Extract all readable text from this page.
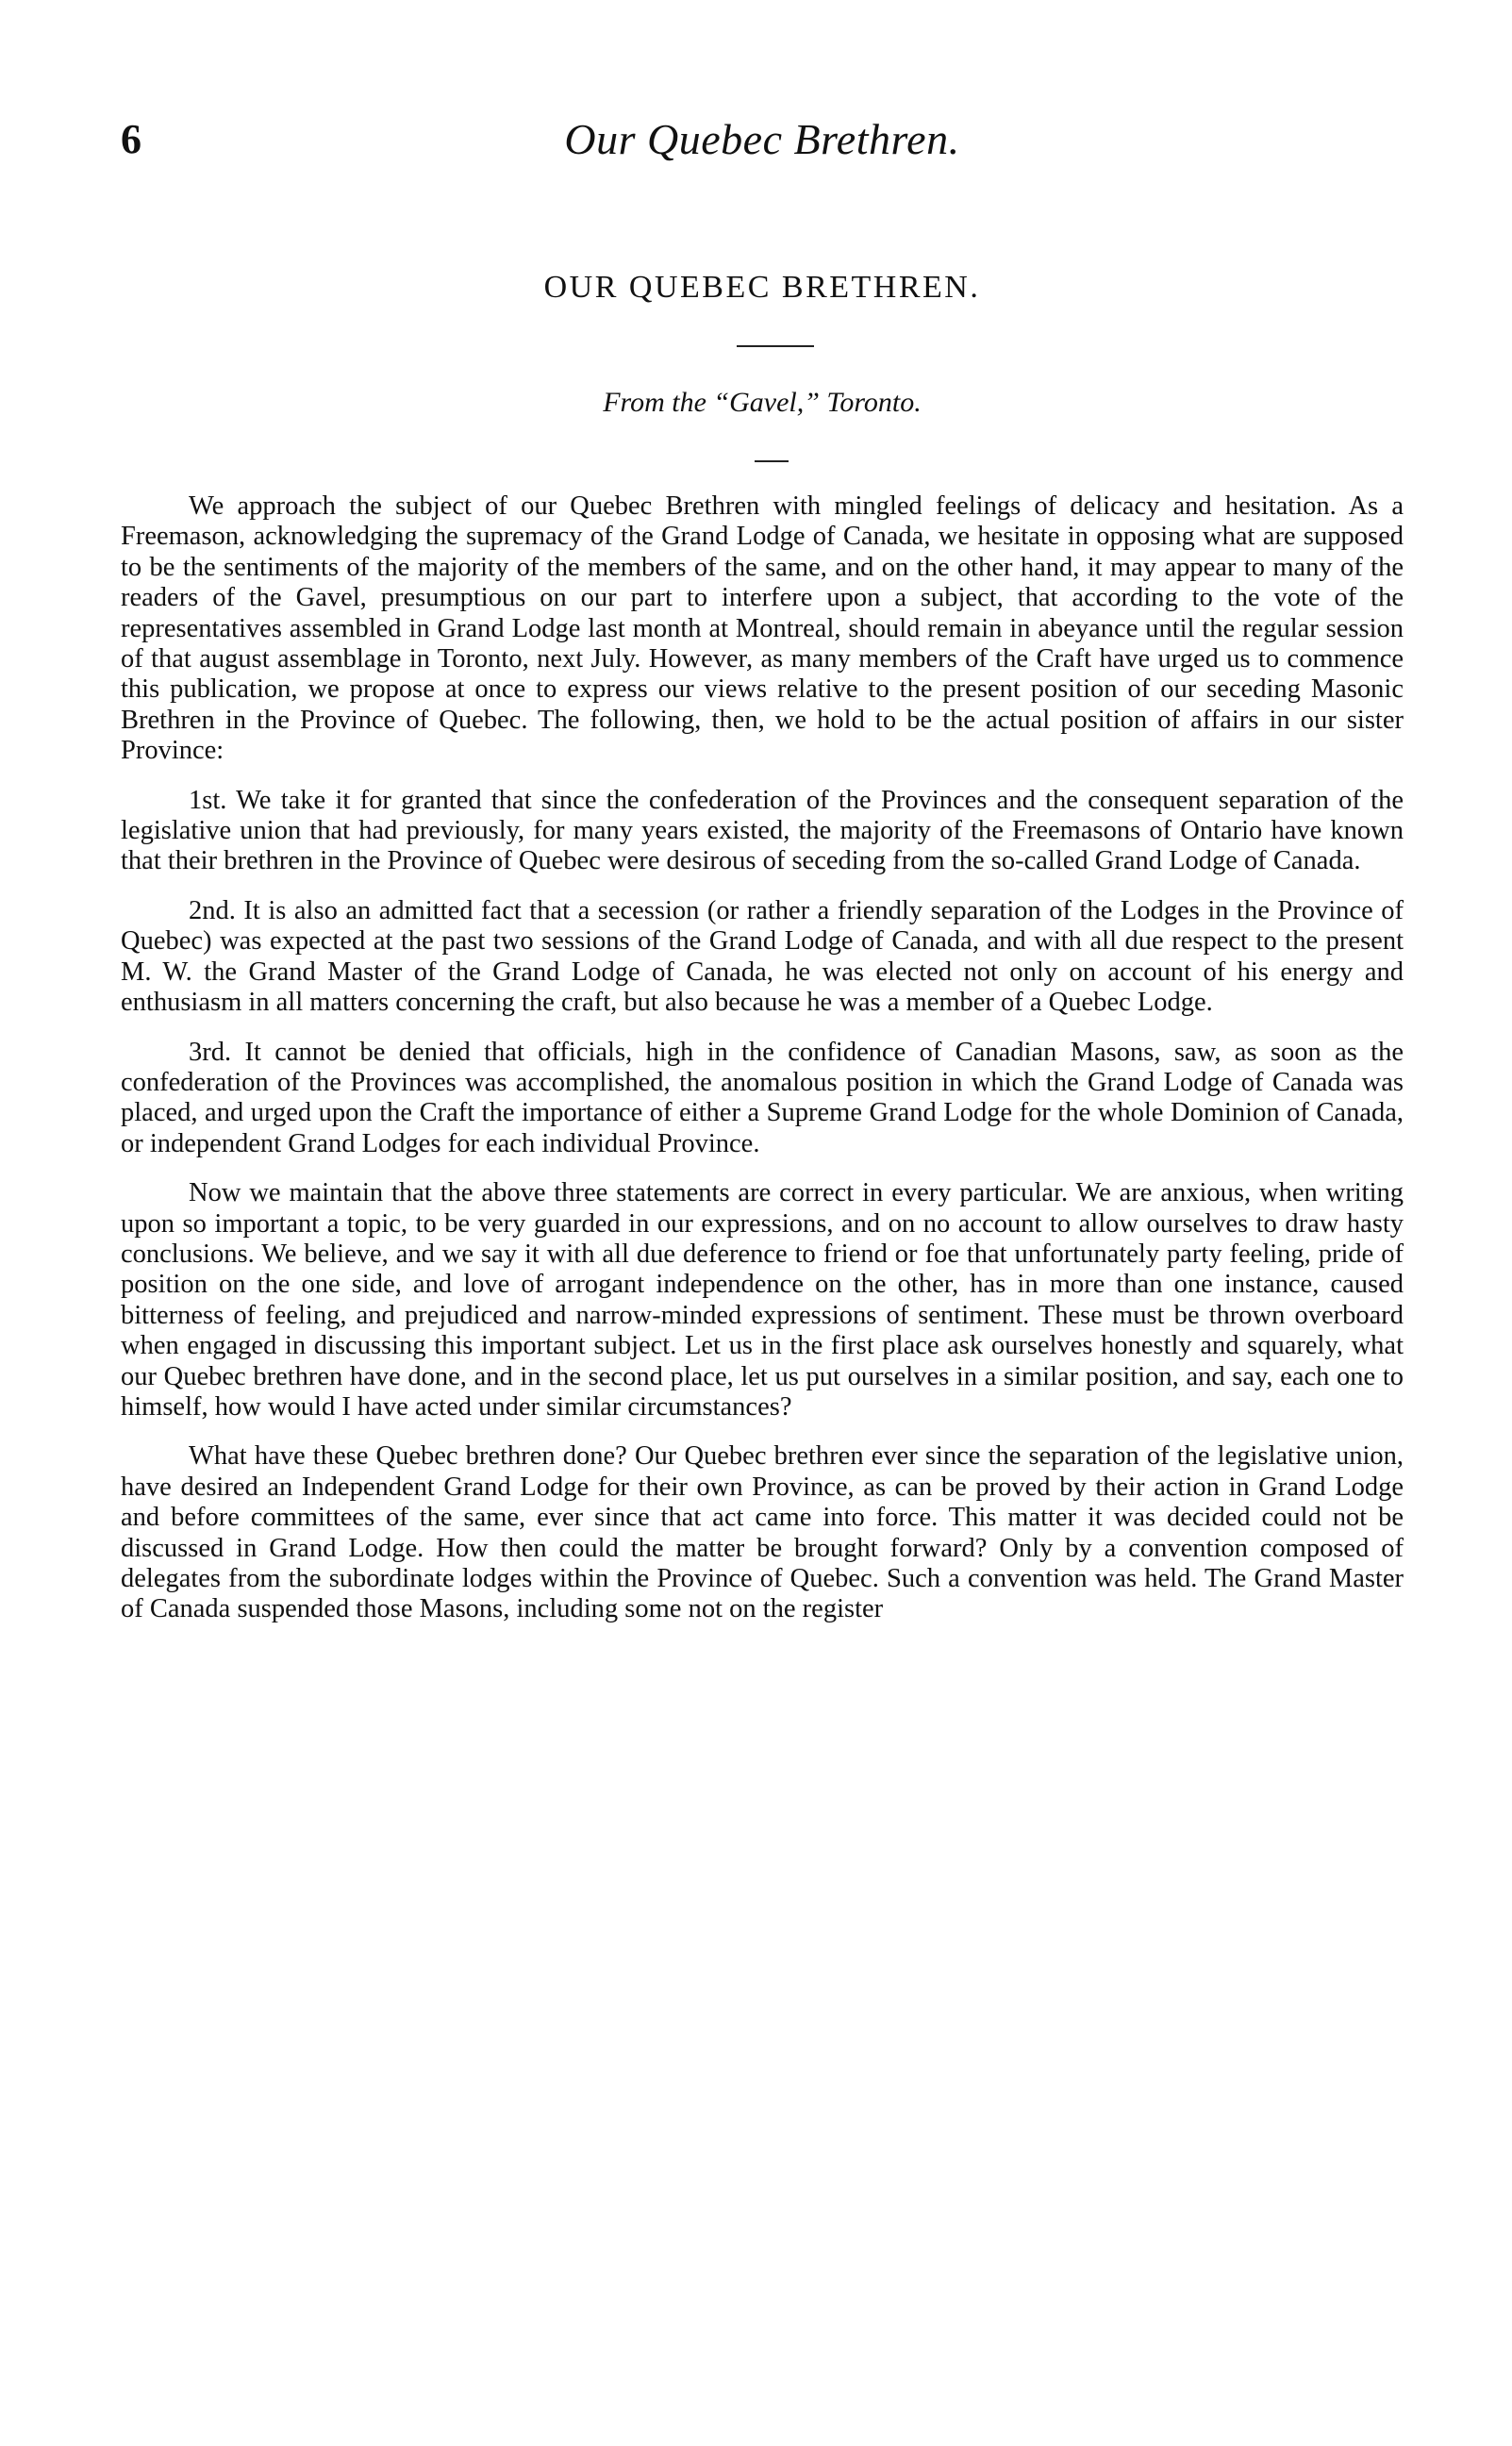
6	Our Quebec Brethren.
OUR QUEBEC BRETHREN.
From the “Gavel,” Toronto.

We approach the subject of our Quebec Brethren with mingled feelings of delicacy and hesitation. As a Freemason, acknowledging the supremacy of the Grand Lodge of Canada, we hesitate in opposing what are supposed to be the sentiments of the majority of the members of the same, and on the other hand, it may appear to many of the readers of the Gavel, presumptious on our part to interfere upon a subject, that according to the vote of the representatives assembled in Grand Lodge last month at Montreal, should remain in abeyance until the regular session of that august assemblage in Toronto, next July. However, as many members of the Craft have urged us to commence this publication, we propose at once to express our views relative to the present position of our seceding Masonic Brethren in the Province of Quebec. The following, then, we hold to be the actual position of affairs in our sister Province:

1st. We take it for granted that since the confederation of the Provinces and the consequent separation of the legislative union that had previously, for many years existed, the majority of the Freemasons of Ontario have known that their brethren in the Province of Quebec were desirous of seceding from the so-called Grand Lodge of Canada.

2nd. It is also an admitted fact that a secession (or rather a friendly separation of the Lodges in the Province of Quebec) was expected at the past two sessions of the Grand Lodge of Canada, and with all due respect to the present M. W. the Grand Master of the Grand Lodge of Canada, he was elected not only on account of his energy and enthusiasm in all matters concerning the craft, but also because he was a member of a Quebec Lodge.

3rd. It cannot be denied that officials, high in the confidence of Canadian Masons, saw, as soon as the confederation of the Provinces was accomplished, the anomalous position in which the Grand Lodge of Canada was placed, and urged upon the Craft the importance of either a Supreme Grand Lodge for the whole Dominion of Canada, or independent Grand Lodges for each individual Province.

Now we maintain that the above three statements are correct in every particular. We are anxious, when writing upon so important a topic, to be very guarded in our expressions, and on no account to allow ourselves to draw hasty conclusions. We believe, and we say it with all due deference to friend or foe that unfortunately party feeling, pride of position on the one side, and love of arrogant independence on the other, has in more than one instance, caused bitterness of feeling, and prejudiced and narrow-minded expressions of sentiment. These must be thrown overboard when engaged in discussing this important subject. Let us in the first place ask ourselves honestly and squarely, what our Quebec brethren have done, and in the second place, let us put ourselves in a similar position, and say, each one to himself, how would I have acted under similar circumstances?

What have these Quebec brethren done? Our Quebec brethren ever since the separation of the legislative union, have desired an Independent Grand Lodge for their own Province, as can be proved by their action in Grand Lodge and before committees of the same, ever since that act came into force. This matter it was decided could not be discussed in Grand Lodge. How then could the matter be brought forward? Only by a convention composed of delegates from the subordinate lodges within the Province of Quebec. Such a convention was held. The Grand Master of Canada suspended those Masons, including some not on the register
